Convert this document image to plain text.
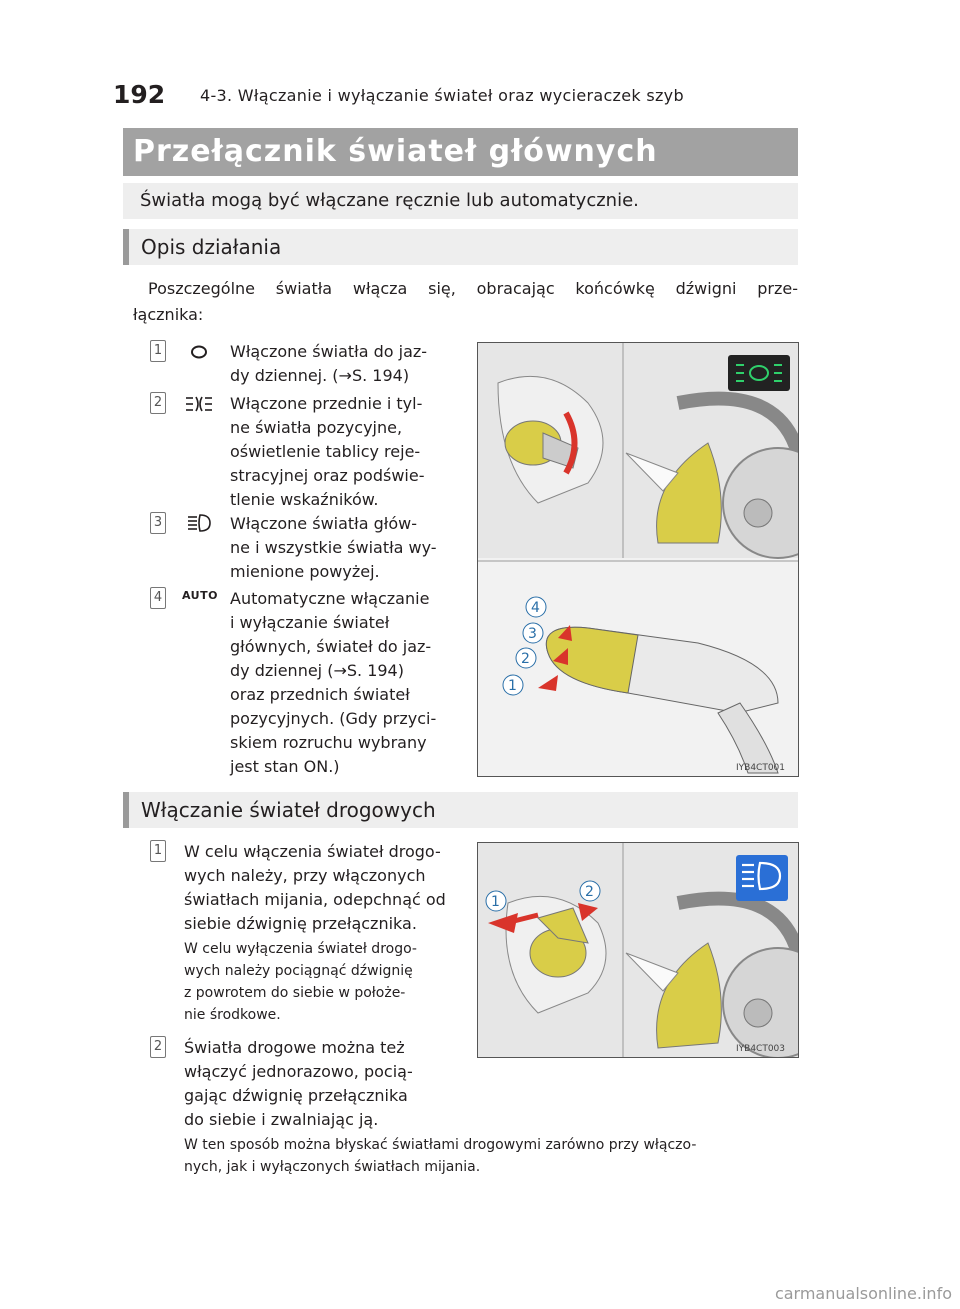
192 4-3. Włączanie i wyłączanie świateł oraz wycieraczek szyb
Przełącznik świateł głównych
Światła mogą być włączane ręcznie lub automatycznie.
Opis działania
Poszczególne światła włącza się, obracając końcówkę dźwigni prze-
łącznika:
1	Włączone światła do jaz-
dy dziennej. (→S. 194)
2	Włączone przednie i tyl-
ne światła pozycyjne,
oświetlenie tablicy reje-
stracyjnej oraz podświe-
tlenie wskaźników.
3	Włączone światła głów-
ne i wszystkie światła wy-
mienione powyżej.
4	AUTO Automatyczne włączanie
i wyłączanie świateł
głównych, świateł do jaz-
dy dziennej (→S. 194)
oraz przednich świateł
pozycyjnych. (Gdy przyci-
skiem rozruchu wybrany
jest stan ON.)
1
2
3
4
IYB4CT001
Włączanie świateł drogowych
1 W celu włączenia świateł drogo-
wych należy, przy włączonych
światłach mijania, odepchnąć od
siebie dźwignię przełącznika.
W celu wyłączenia świateł drogo-
wych należy pociągnąć dźwignię
z powrotem do siebie w położe-
nie środkowe.
2 Światła drogowe można też
włączyć jednorazowo, pocią-
gając dźwignię przełącznika
do siebie i zwalniając ją.
W ten sposób można błyskać światłami drogowymi zarówno przy włączo-
nych, jak i wyłączonych światłach mijania.
1
2
IYB4CT003
carmanualsonline.info
